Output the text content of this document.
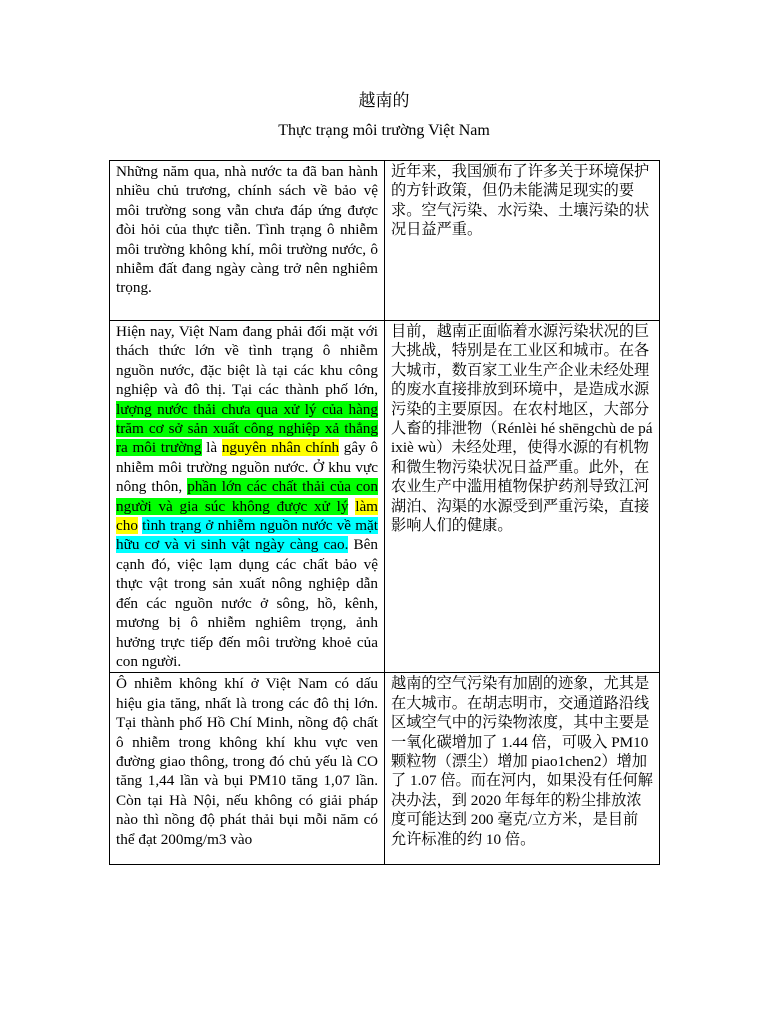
越南的
Thực trạng môi trường Việt Nam
Những năm qua, nhà nước ta đã ban hành nhiều chủ trương, chính sách về bảo vệ môi trường song vẫn chưa đáp ứng được đòi hỏi của thực tiễn. Tình trạng ô nhiễm môi trường không khí, môi trường nước, ô nhiễm đất đang ngày càng trở nên nghiêm trọng.	近年来，我国颁布了许多关于环境保护的方针政策，但仍未能满足现实的要求。空气污染、水污染、土壤污染的状况日益严重。
Hiện nay, Việt Nam đang phải đối mặt với thách thức lớn về tình trạng ô nhiễm nguồn nước, đặc biệt là tại các khu công nghiệp và đô thị. Tại các thành phố lớn, lượng nước thải chưa qua xử lý của hàng trăm cơ sở sản xuất công nghiệp xả thẳng ra môi trường là nguyên nhân chính gây ô nhiễm môi trường nguồn nước. Ở khu vực nông thôn, phần lớn các chất thải của con người và gia súc không được xử lý làm cho tình trạng ở nhiễm nguồn nước về mặt hữu cơ và vi sinh vật ngày càng cao. Bên cạnh đó, việc lạm dụng các chất bảo vệ thực vật trong sản xuất nông nghiệp dẫn đến các nguồn nước ở sông, hồ, kênh, mương bị ô nhiễm nghiêm trọng, ảnh hưởng trực tiếp đến môi trường khoẻ của con người.	目前，越南正面临着水源污染状况的巨大挑战，特别是在工业区和城市。在各大城市，数百家工业生产企业未经处理的废水直接排放到环境中，是造成水源污染的主要原因。在农村地区，大部分人畜的排泄物（Rénlèi hé shēngchù de páixiè wù）未经处理，使得水源的有机物和微生物污染状况日益严重。此外，在农业生产中滥用植物保护药剂导致江河湖泊、沟渠的水源受到严重污染，直接影响人们的健康。

Ô nhiễm không khí ở Việt Nam có dấu hiệu gia tăng, nhất là trong các đô thị lớn. Tại thành phố Hồ Chí Minh, nồng độ chất ô nhiễm trong không khí khu vực ven đường giao thông, trong đó chủ yếu là CO tăng 1,44 lần và bụi PM10 tăng 1,07 lần. Còn tại Hà Nội, nếu không có giải pháp nào thì nồng độ phát thải bụi mỗi năm có thể đạt 200mg/m3 vào	越南的空气污染有加剧的迹象，尤其是在大城市。在胡志明市，交通道路沿线区域空气中的污染物浓度，其中主要是一氧化碳增加了 1.44 倍，可吸入 PM10 颗粒物（漂尘）增加 piao1chen2）增加了 1.07 倍。而在河内，如果没有任何解决办法，到 2020 年每年的粉尘排放浓度可能达到 200 毫克/立方米，是目前允许标准的约 10 倍。
